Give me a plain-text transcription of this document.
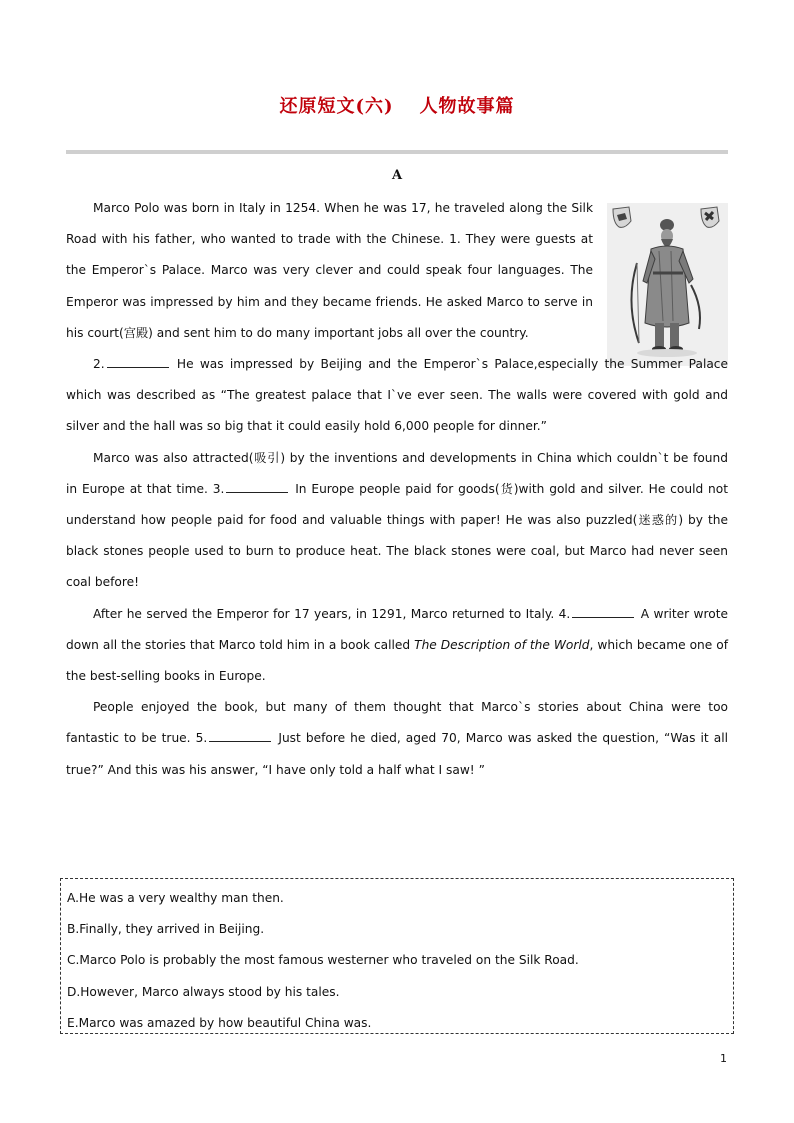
还原短文(六) 人物故事篇
A

Marco Polo was born in Italy in 1254. When he was 17, he traveled along the Silk Road with his father, who wanted to trade with the Chinese. 1. They were guests at the Emperor`s Palace. Marco was very clever and could speak four languages. The Emperor was impressed by him and they became friends. He asked Marco to serve in his court(宫殿) and sent him to do many important jobs all over the country.

2.	He was impressed by Beijing and the Emperor`s Palace,especially the Summer Palace which was described as “The greatest palace that I`ve ever seen. The walls were covered with gold and silver and the hall was so big that it could easily hold 6,000 people for dinner.”

Marco was also attracted(吸引) by the inventions and developments in China which couldn`t be found in Europe at that time. 3.	In Europe people paid for goods(货)with gold and silver. He could not understand how people paid for food and valuable things with paper! He was also puzzled(迷惑的) by the black stones people used to burn to produce heat. The black stones were coal, but Marco had never seen coal before!

After he served the Emperor for 17 years, in 1291, Marco returned to Italy. 4.	A writer wrote down all the stories that Marco told him in a book called The Description of the World, which became one of the best-selling books in Europe.

People enjoyed the book, but many of them thought that Marco`s stories about China were too fantastic to be true. 5.	Just before he died, aged 70, Marco was asked the question, “Was it all true?” And this was his answer, “I have only told a half what I saw! ”

A.He was a very wealthy man then.
B.Finally, they arrived in Beijing.
C.Marco Polo is probably the most famous westerner who traveled on the Silk Road.
D.However, Marco always stood by his tales.
E.Marco was amazed by how beautiful China was.
1
